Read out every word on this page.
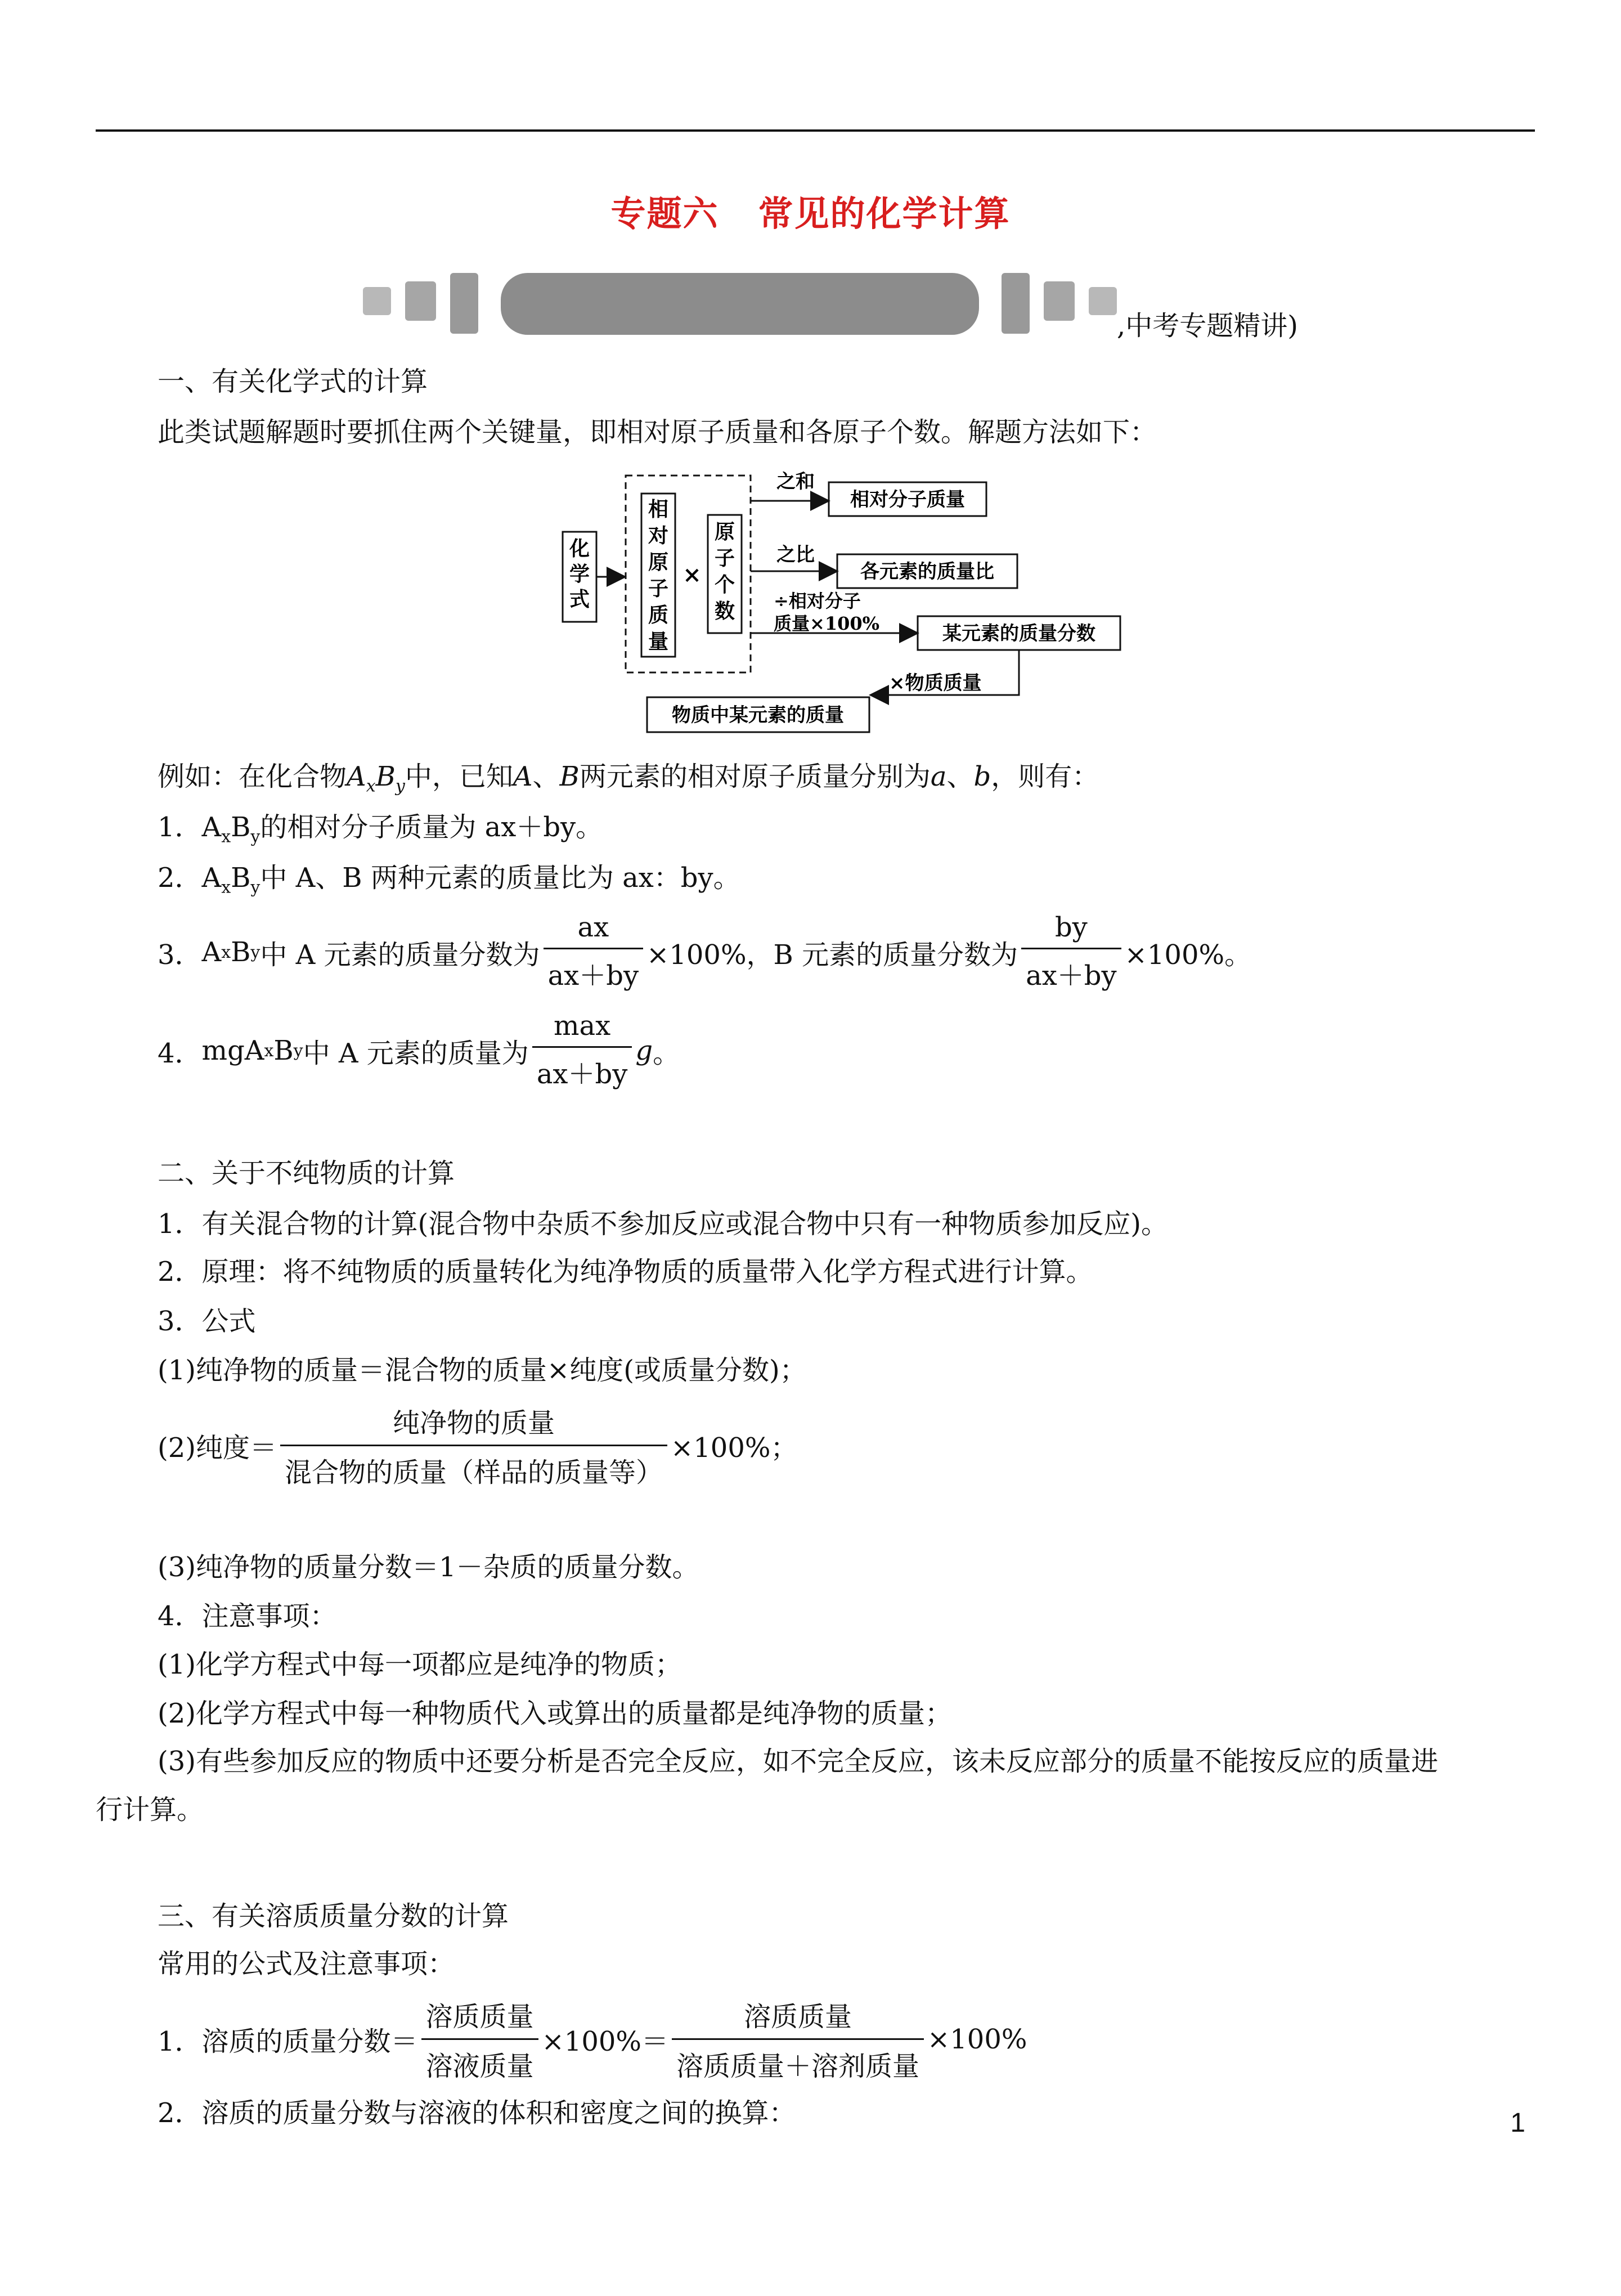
专题六 常见的化学计算
,中考专题精讲)
一、有关化学式的计算
此类试题解题时要抓住两个关键量，即相对原子质量和各原子个数。解题方法如下：
化
学
式
相
对
原
子
质
量
×
原
子
个
数
之和
相对分子质量
之比
各元素的质量比
÷相对分子
质量×100%	某元素的质量分数
×物质质量
物质中某元素的质量
例如：在化合物$A_xB_y$中，已知A、B两元素的相对原子质量分别为a、b，则有：
1．$A_xB_y$的相对分子质量为 ax＋by。
2．$A_xB_y$中 A、B 两种元素的质量比为 ax：by。
3． A x B y 中 A 元素的质量分数为 $\frac{ax}{ax+by} \times 100\%$，B 元素的质量分数为 $\frac{by}{ax+by} \times 100\%$。
4． mg A x B y 中 A 元素的质量为 $\frac{\max}{ax+by}$ g 。
二、关于不纯物质的计算
1．有关混合物的计算(混合物中杂质不参加反应或混合物中只有一种物质参加反应)。
2．原理：将不纯物质的质量转化为纯净物质的质量带入化学方程式进行计算。
3．公式
(1)纯净物的质量＝混合物的质量×纯度(或质量分数)；
(2)纯度＝ $\frac{\text{纯净物的质量}}{\text{混合物的质量（样品的质量等）}} \times 100\%$；
(3)纯净物的质量分数＝1－杂质的质量分数。
4．注意事项：
(1)化学方程式中每一项都应是纯净的物质；
(2)化学方程式中每一种物质代入或算出的质量都是纯净物的质量；
(3)有些参加反应的物质中还要分析是否完全反应，如不完全反应，该未反应部分的质量不能按反应的质量进
行计算。
三、有关溶质质量分数的计算
常用的公式及注意事项：
1．溶质的质量分数＝ $\frac{\text{溶质质量}}{\text{溶液质量}} \times 100\%= \frac{\text{溶质质量}}{\text{溶质质量＋溶剂质量}} \times 100\%$
2．溶质的质量分数与溶液的体积和密度之间的换算：	1
